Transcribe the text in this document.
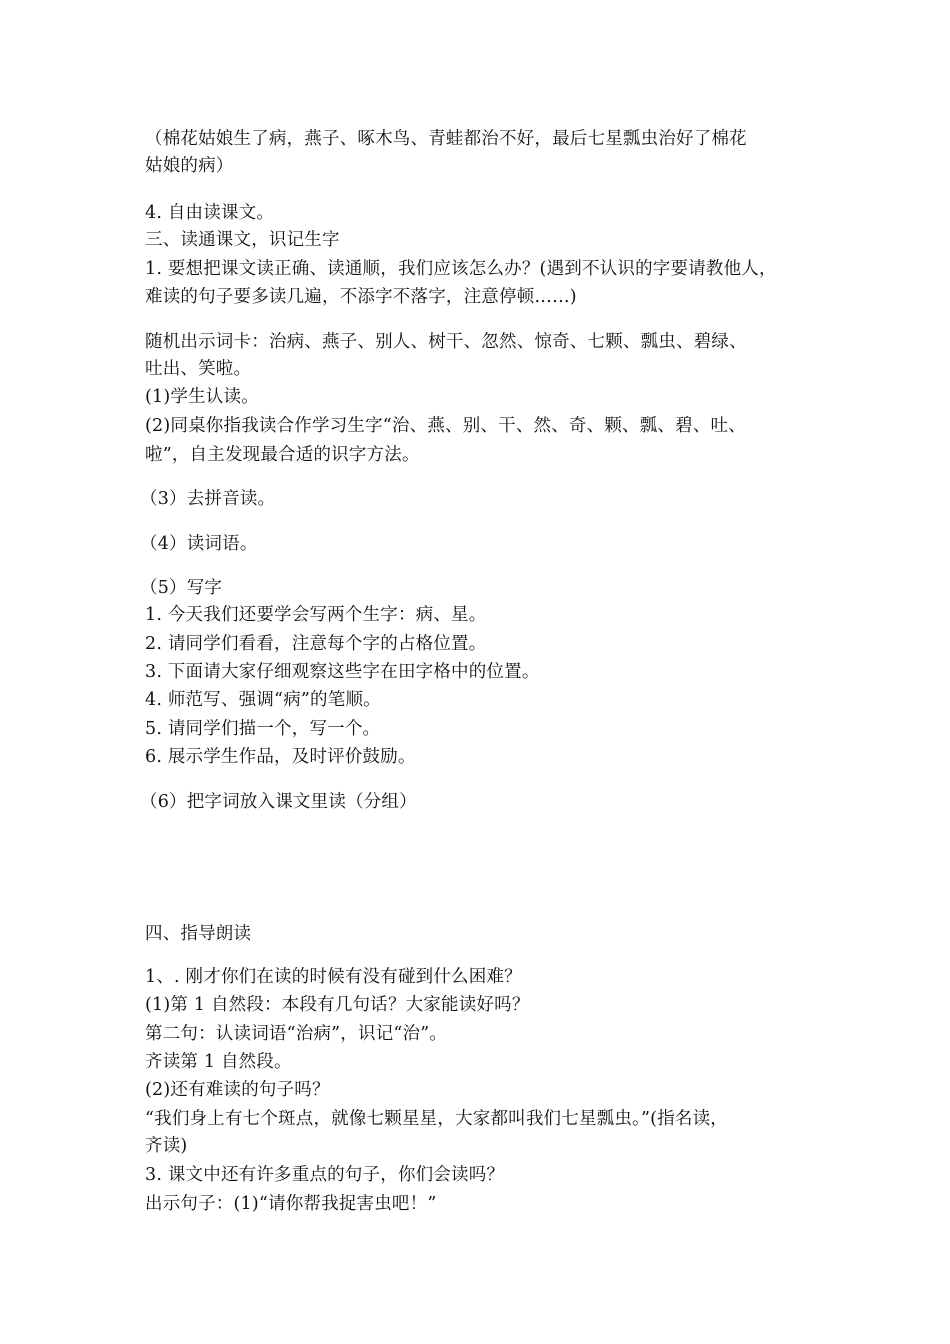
（棉花姑娘生了病，燕子、啄木鸟、青蛙都治不好，最后七星瓢虫治好了棉花
姑娘的病）
4. 自由读课文。
三、读通课文，识记生字
1. 要想把课文读正确、读通顺，我们应该怎么办？(遇到不认识的字要请教他人，
难读的句子要多读几遍，不添字不落字，注意停顿……)
随机出示词卡：治病、燕子、别人、树干、忽然、惊奇、七颗、瓢虫、碧绿、
吐出、笑啦。
(1)学生认读。
(2)同桌你指我读合作学习生字“治、燕、别、干、然、奇、颗、瓢、碧、吐、
啦”，自主发现最合适的识字方法。
（3）去拼音读。
（4）读词语。
（5）写字
1. 今天我们还要学会写两个生字：病、星。
2. 请同学们看看，注意每个字的占格位置。
3. 下面请大家仔细观察这些字在田字格中的位置。
4. 师范写、强调“病”的笔顺。
5. 请同学们描一个，写一个。
6. 展示学生作品，及时评价鼓励。
（6）把字词放入课文里读（分组）
四、指导朗读
1、. 刚才你们在读的时候有没有碰到什么困难？
(1)第 1 自然段：本段有几句话？大家能读好吗？
第二句：认读词语“治病”，识记“治”。
齐读第 1 自然段。
(2)还有难读的句子吗？
“我们身上有七个斑点，就像七颗星星，大家都叫我们七星瓢虫。”(指名读，
齐读)
3. 课文中还有许多重点的句子，你们会读吗？
出示句子：(1)“请你帮我捉害虫吧！”
